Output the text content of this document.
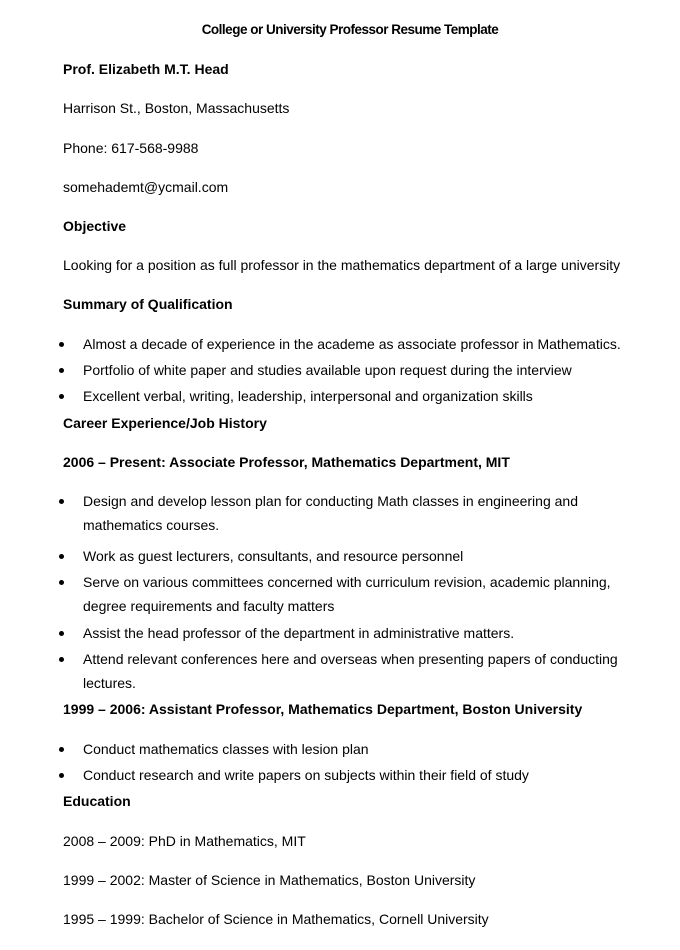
College or University Professor Resume Template
Prof. Elizabeth M.T. Head
Harrison St., Boston, Massachusetts
Phone: 617-568-9988
somehademt@ycmail.com
Objective
Looking for a position as full professor in the mathematics department of a large university
Summary of Qualification
Almost a decade of experience in the academe as associate professor in Mathematics.
Portfolio of white paper and studies available upon request during the interview
Excellent verbal, writing, leadership, interpersonal and organization skills
Career Experience/Job History
2006 – Present: Associate Professor, Mathematics Department, MIT
Design and develop lesson plan for conducting Math classes in engineering and mathematics courses.
Work as guest lecturers, consultants, and resource personnel
Serve on various committees concerned with curriculum revision, academic planning, degree requirements and faculty matters
Assist the head professor of the department in administrative matters.
Attend relevant conferences here and overseas when presenting papers of conducting lectures.
1999 – 2006: Assistant Professor, Mathematics Department, Boston University
Conduct mathematics classes with lesion plan
Conduct research and write papers on subjects within their field of study
Education
2008 – 2009: PhD in Mathematics, MIT
1999 – 2002: Master of Science in Mathematics, Boston University
1995 – 1999: Bachelor of Science in Mathematics, Cornell University
